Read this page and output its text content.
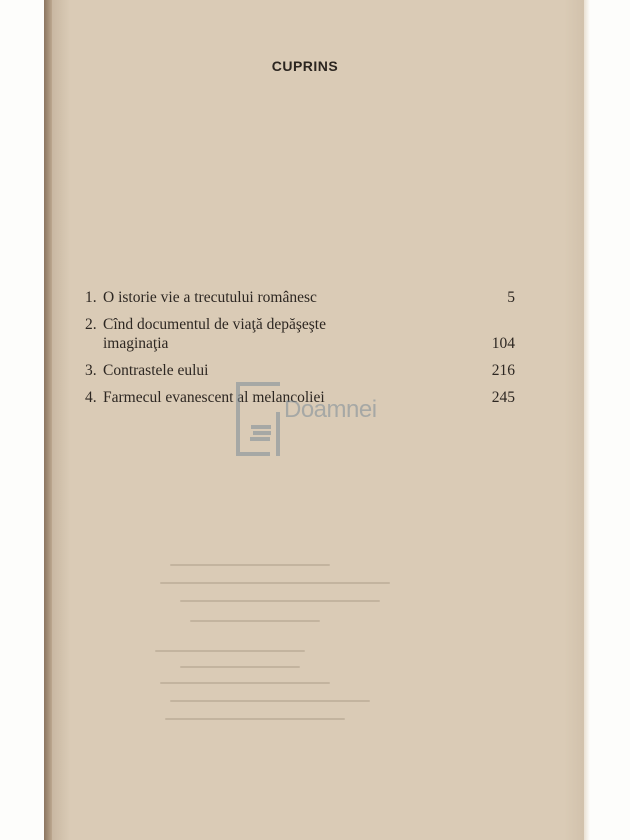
CUPRINS
1. O istorie vie a trecutului românesc	5
2. Cînd documentul de viaţă depăşeşte
imaginaţia	104
3. Contrastele eului	216
4. Farmecul evanescent al melancoliei	245
Doamnei
